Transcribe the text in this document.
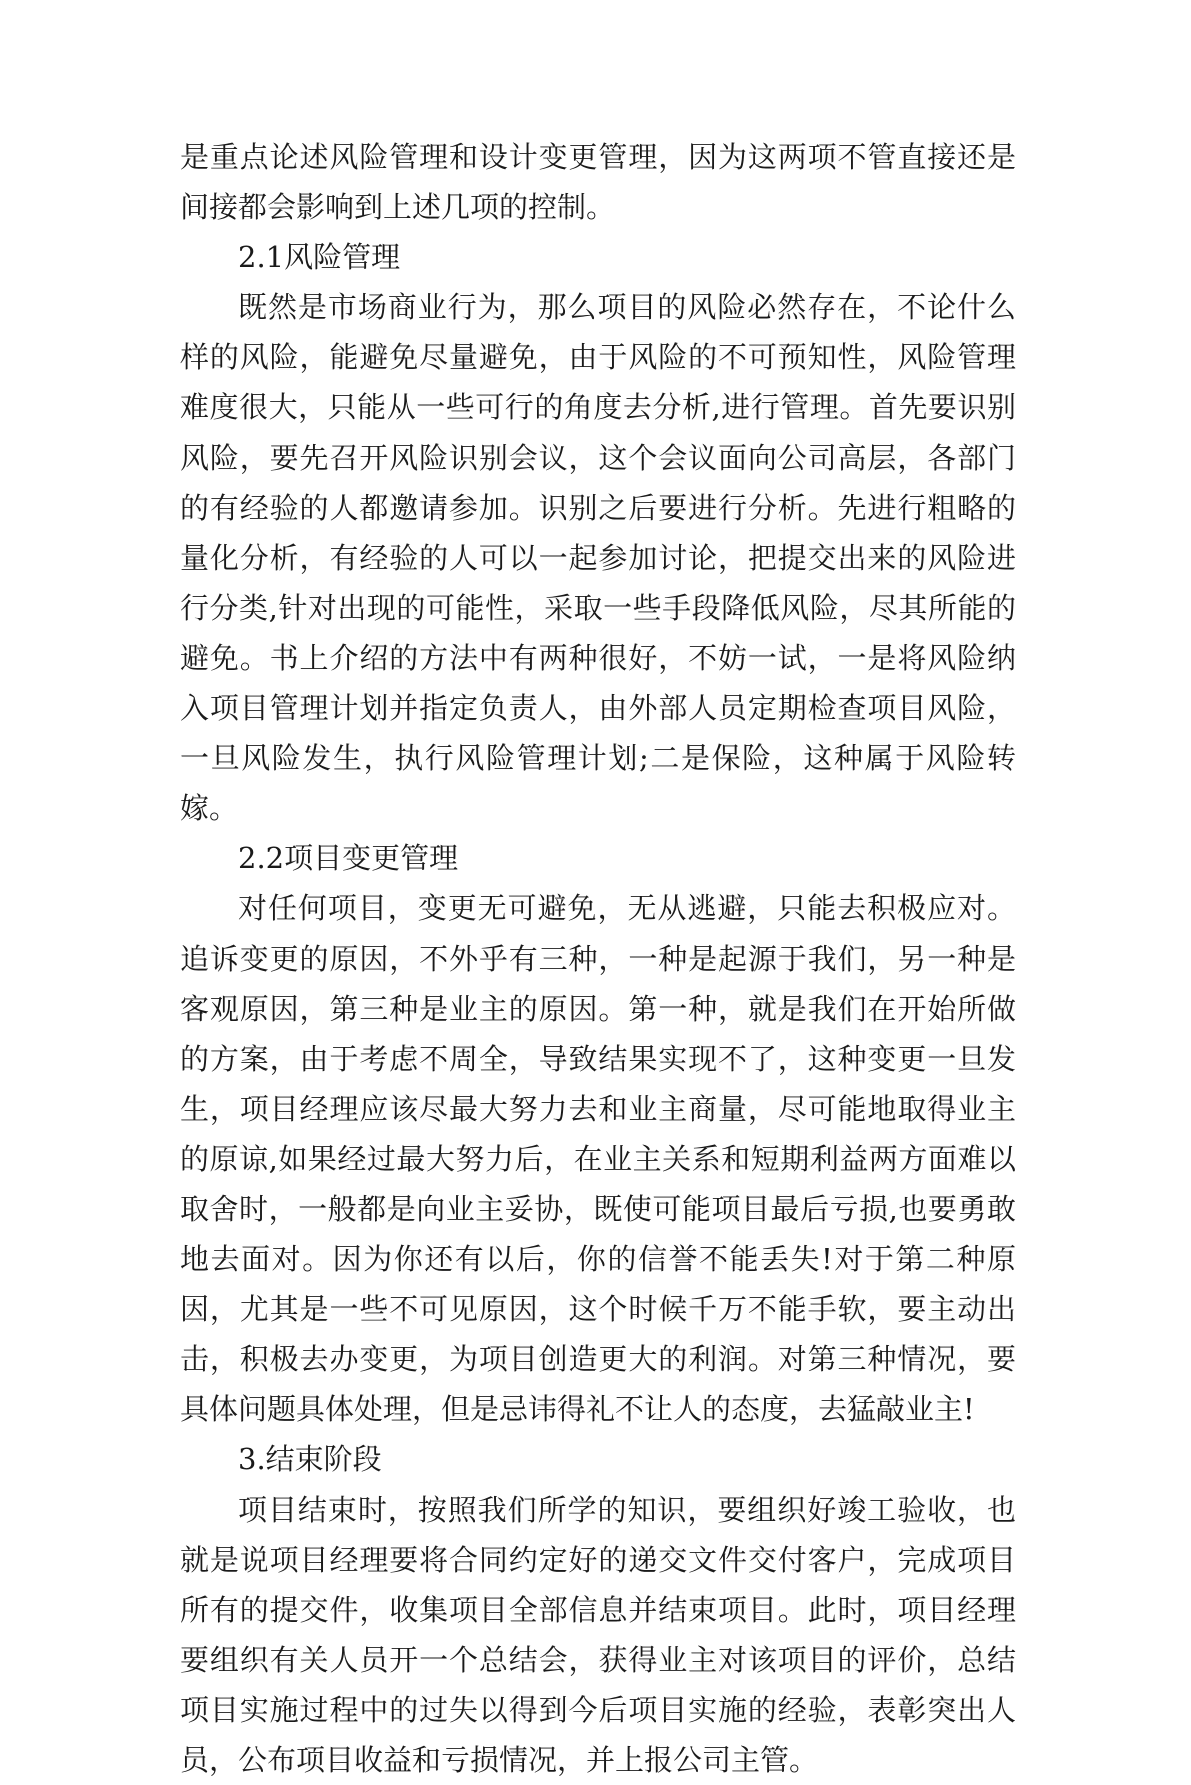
是重点论述风险管理和设计变更管理，因为这两项不管直接还是间接都会影响到上述几项的控制。

2.1风险管理

既然是市场商业行为，那么项目的风险必然存在，不论什么样的风险，能避免尽量避免，由于风险的不可预知性，风险管理难度很大，只能从一些可行的角度去分析,进行管理。首先要识别风险，要先召开风险识别会议，这个会议面向公司高层，各部门的有经验的人都邀请参加。识别之后要进行分析。先进行粗略的量化分析，有经验的人可以一起参加讨论，把提交出来的风险进行分类,针对出现的可能性，采取一些手段降低风险，尽其所能的避免。书上介绍的方法中有两种很好，不妨一试，一是将风险纳入项目管理计划并指定负责人，由外部人员定期检查项目风险，一旦风险发生，执行风险管理计划;二是保险，这种属于风险转嫁。

2.2项目变更管理

对任何项目，变更无可避免，无从逃避，只能去积极应对。追诉变更的原因，不外乎有三种，一种是起源于我们，另一种是客观原因，第三种是业主的原因。第一种，就是我们在开始所做的方案，由于考虑不周全，导致结果实现不了，这种变更一旦发生，项目经理应该尽最大努力去和业主商量，尽可能地取得业主的原谅,如果经过最大努力后，在业主关系和短期利益两方面难以取舍时，一般都是向业主妥协，既使可能项目最后亏损,也要勇敢地去面对。因为你还有以后，你的信誉不能丢失!对于第二种原因，尤其是一些不可见原因，这个时候千万不能手软，要主动出击，积极去办变更，为项目创造更大的利润。对第三种情况，要具体问题具体处理，但是忌讳得礼不让人的态度，去猛敲业主!

3.结束阶段

项目结束时，按照我们所学的知识，要组织好竣工验收，也就是说项目经理要将合同约定好的递交文件交付客户，完成项目所有的提交件，收集项目全部信息并结束项目。此时，项目经理要组织有关人员开一个总结会，获得业主对该项目的评价，总结项目实施过程中的过失以得到今后项目实施的经验，表彰突出人员，公布项目收益和亏损情况，并上报公司主管。
